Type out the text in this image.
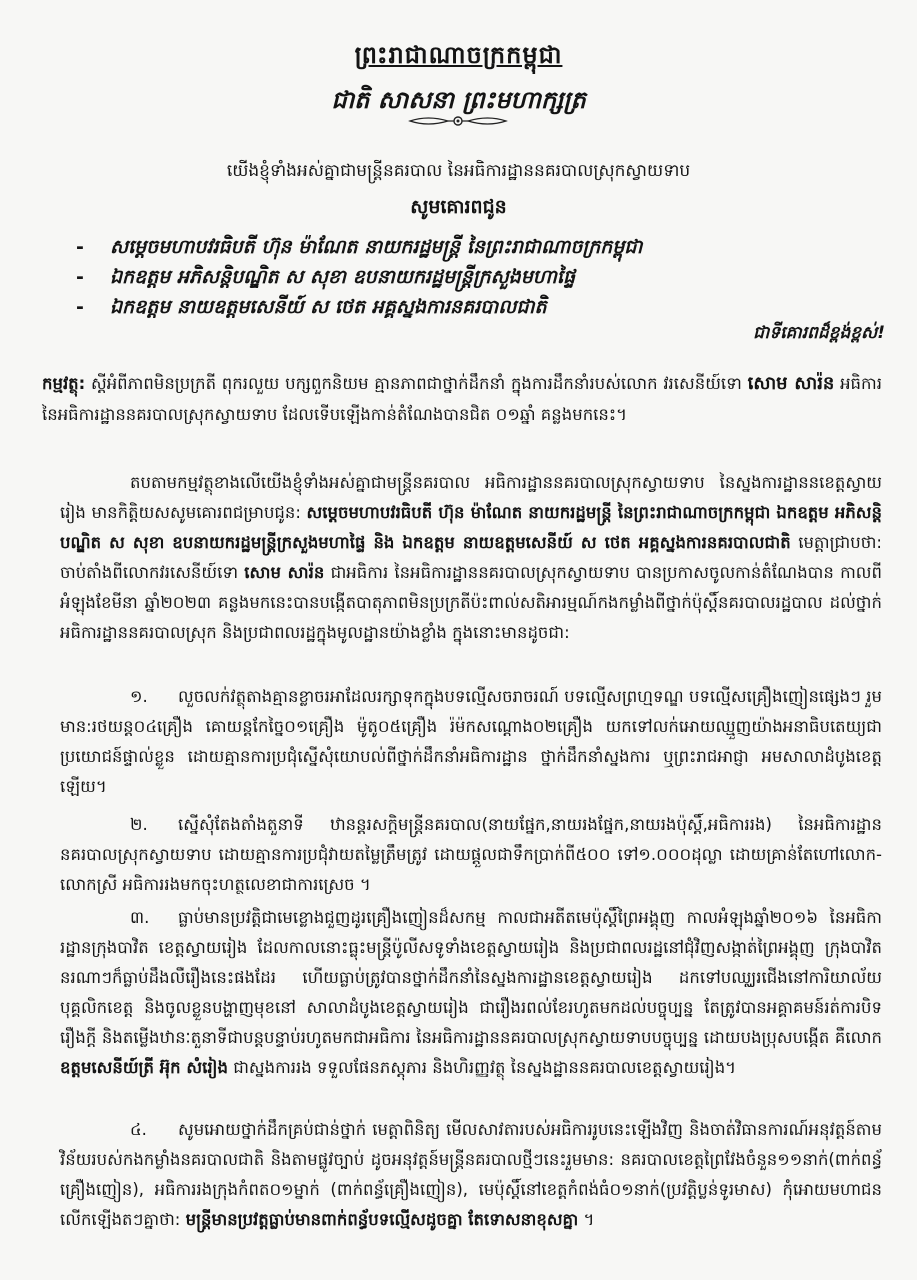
ព្រះរាជាណាចក្រកម្ពុជា
ជាតិ សាសនា ព្រះមហាក្សត្រ
យើងខ្ញុំទាំងអស់គ្នាជាមន្ត្រីនគរបាល នៃអធិការដ្ឋាននគរបាលស្រុកស្វាយទាប
សូមគោរពជូន
- សម្តេចមហាបវរធិបតី ហ៊ុន ម៉ាណែត នាយករដ្ឋមន្ត្រី នៃព្រះរាជាណាចក្រកម្ពុជា
- ឯកឧត្តម អភិសន្តិបណ្ឌិត ស សុខា ឧបនាយករដ្ឋមន្ត្រីក្រសួងមហាផ្ទៃ
- ឯកឧត្តម នាយឧត្តមសេនីយ៍ ស ថេត អគ្គស្នងការនគរបាលជាតិ
ជាទីគោរពដ៏ខ្ពង់ខ្ពស់!
កម្មវត្ថុ: ស្តីអំពីភាពមិនប្រក្រតី ពុករលួយ បក្សពួកនិយម គ្មានភាពជាថ្នាក់ដឹកនាំ ក្នុងការដឹកនាំរបស់លោក វរសេនីយ៍ទោ សោម សារ៉ន អធិការ នៃអធិការដ្ឋាននគរបាលស្រុកស្វាយទាប ដែលទើបឡើងកាន់តំណែងបានជិត ០១ឆ្នាំ គន្លងមកនេះ។
តបតាមកម្មវត្ថុខាងលើយើងខ្ញុំទាំងអស់គ្នាជាមន្ត្រីនគរបាល អធិការដ្ឋាននគរបាលស្រុកស្វាយទាប នៃស្នងការដ្ឋាននខេត្តស្វាយរៀង មានកិត្តិយសសូមគោរពជម្រាបជូន: សម្តេចមហាបវរធិបតី ហ៊ុន ម៉ាណែត នាយករដ្ឋមន្ត្រី នៃព្រះរាជាណាចក្រកម្ពុជា ឯកឧត្តម អភិសន្តិបណ្ឌិត ស សុខា ឧបនាយករដ្ឋមន្ត្រីក្រសួងមហាផ្ទៃ និង ឯកឧត្តម នាយឧត្តមសេនីយ៍ ស ថេត អគ្គស្នងការនគរបាលជាតិ មេត្តាជ្រាបថា: ចាប់តាំងពីលោកវរសេនីយ៍ទោ សោម សារ៉ន ជាអធិការ នៃអធិការដ្ឋាននគរបាលស្រុកស្វាយទាប បានប្រកាសចូលកាន់តំណែងបាន កាលពីអំឡុងខែមីនា ឆ្នាំ២០២៣ គន្លងមកនេះបានបង្កើតបាតុភាពមិនប្រក្រតីប៉ះពាល់សតិអារម្មណ៍កងកម្លាំងពីថ្នាក់ប៉ុស្តិ៍នគរបាលរដ្ឋបាល ដល់ថ្នាក់អធិការដ្ឋាននគរបាលស្រុក និងប្រជាពលរដ្ឋក្នុងមូលដ្ឋានយ៉ាងខ្លាំង ក្នុងនោះមានដូចជា:
១. លួចលក់វត្ថុតាងគ្មានខ្លាចរអាដែលរក្សាទុកក្នុងបទល្មើសចរាចរណ៍ បទល្មើសព្រហ្មទណ្ឌ បទល្មើសគ្រឿងញៀនផ្សេងៗ រួមមាន:រថយន្ត០៤គ្រឿង គោយន្តកែច្នៃ០១គ្រឿង ម៉ូតូ០៥គ្រឿង រ៉ម៉កសណ្តោង០២គ្រឿង យកទៅលក់អោយឈ្មួញយ៉ាងអនាធិបតេយ្យជាប្រយោជន៍ផ្ទាល់ខ្លួន ដោយគ្មានការប្រជុំស្នើសុំយោបល់ពីថ្នាក់ដឹកនាំអធិការដ្ឋាន ថ្នាក់ដឹកនាំស្នងការ ឬព្រះរាជអាជ្ញា អមសាលាដំបូងខេត្តឡើយ។
២. ស្នើសុំតែងតាំងតួនាទី ឋានន្តរសក្តិមន្ត្រីនគរបាល(នាយផ្នែក,នាយរងផ្នែក,នាយរងប៉ុស្តិ៍,អធិការរង) នៃអធិការដ្ឋាននគរបាលស្រុកស្វាយទាប ដោយគ្មានការប្រជុំវាយតម្លៃត្រឹមត្រូវ ដោយផ្តួលជាទឹកប្រាក់ពី៥០០ ទៅ១.០០០ដុល្លា ដោយគ្រាន់តែហៅលោក-លោកស្រី អធិការរងមកចុះហត្ថលេខាជាការស្រេច ។
៣. ធ្លាប់មានប្រវត្តិជាមេខ្លោងជួញដូរគ្រឿងញៀនដ៏សកម្ម កាលជាអតីតមេប៉ុស្តិ៍ព្រៃអង្គុញ កាលអំឡុងឆ្នាំ២០១៦ នៃអធិការដ្ឋានក្រុងបាវិត ខេត្តស្វាយរៀង ដែលកាលនោះធ្លុះមន្ត្រីប៉ូលីសទូទាំងខេត្តស្វាយរៀង និងប្រជាពលរដ្ឋនៅជុំវិញសង្កាត់ព្រៃអង្គុញ ក្រុងបាវិត នរណាៗក៏ធ្លាប់ដឹងលឺរឿងនេះផងដែរ ហើយធ្លាប់ត្រូវបានថ្នាក់ដឹកនាំនៃស្នងការដ្ឋានខេត្តស្វាយរៀង ដកទៅបឈ្ឈរជើងនៅការិយាល័យបុគ្គលិកខេត្ត និងចូលខ្លួនបង្ហាញមុខនៅ សាលាដំបូងខេត្តស្វាយរៀង ជារឿងរពល់ខែរហូតមកដល់បច្ចុប្បន្ន តែត្រូវបានអគ្គាគមន៍រត់ការបិទរឿងក្តី និងតម្លើងឋានៈតួនាទីជាបន្តបន្ទាប់រហូតមកជាអធិការ នៃអធិការដ្ឋាននគរបាលស្រុកស្វាយទាបបច្ចុប្បន្ន ដោយបងប្រុសបង្កើត គឺលោក ឧត្តមសេនីយ៍ត្រី អ៊ុក សំរៀង ជាស្នងការរង ទទួលផែនភស្តុភារ និងហិរញ្ញវត្ថុ នៃស្នងដ្ឋាននគរបាលខេត្តស្វាយរៀង។
៤. សូមអោយថ្នាក់ដឹកគ្រប់ជាន់ថ្នាក់ មេត្តាពិនិត្យ មើលសាវតារបស់អធិការរូបនេះឡើងវិញ និងចាត់វិធានការណ៍អនុវត្តន៍តាមវិន័យរបស់កងកម្លាំងនគរបាលជាតិ និងតាមផ្លូវច្បាប់ ដូចអនុវត្តន៍មន្ត្រីនគរបាលថ្មីៗនេះរួមមាន: នគរបាលខេត្តព្រៃវែងចំនួន១១នាក់(ពាក់ពន្ធ័គ្រឿងញៀន), អធិការរងក្រុងកំពត០១ម្នាក់ (ពាក់ពន្ធ័គ្រឿងញៀន), មេប៉ុស្តិ៍នៅខេត្តកំពង់ធំ០១នាក់(ប្រវត្តិប្លន់ទូរមាស) កុំអោយមហាជនលើកឡើងតៗគ្នាថា: មន្ត្រីមានប្រវត្តធ្លាប់មានពាក់ពន្ធ័បទល្មើសដូចគ្នា តែទោសនាខុសគ្នា ។
